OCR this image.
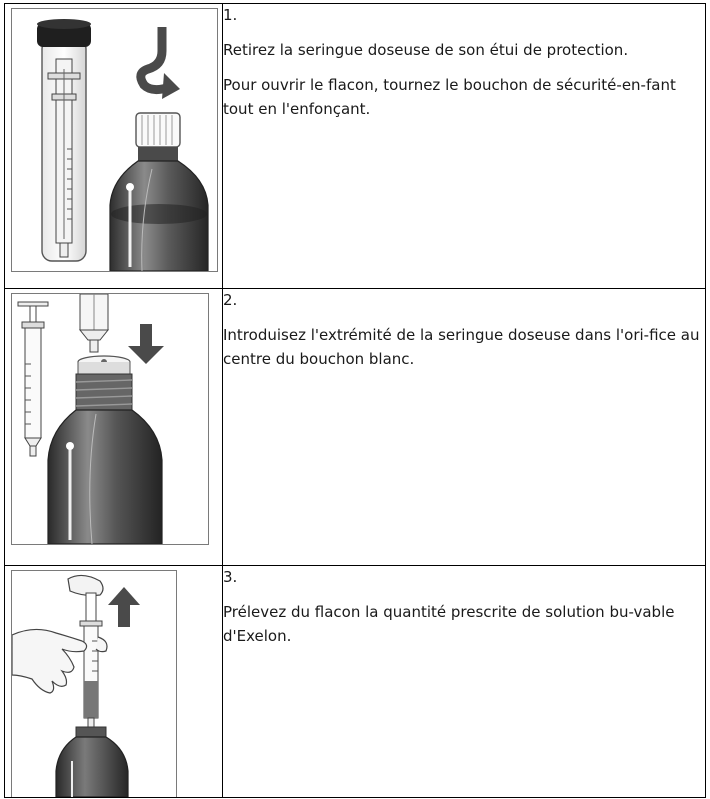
1.

Retirez la seringue doseuse de son étui de protection.

Pour ouvrir le flacon, tournez le bouchon de sécurité-en-fant tout en l'enfonçant.

2.

Introduisez l'extrémité de la seringue doseuse dans l'ori-fice au centre du bouchon blanc.

3.

Prélevez du flacon la quantité prescrite de solution bu-vable d'Exelon.
